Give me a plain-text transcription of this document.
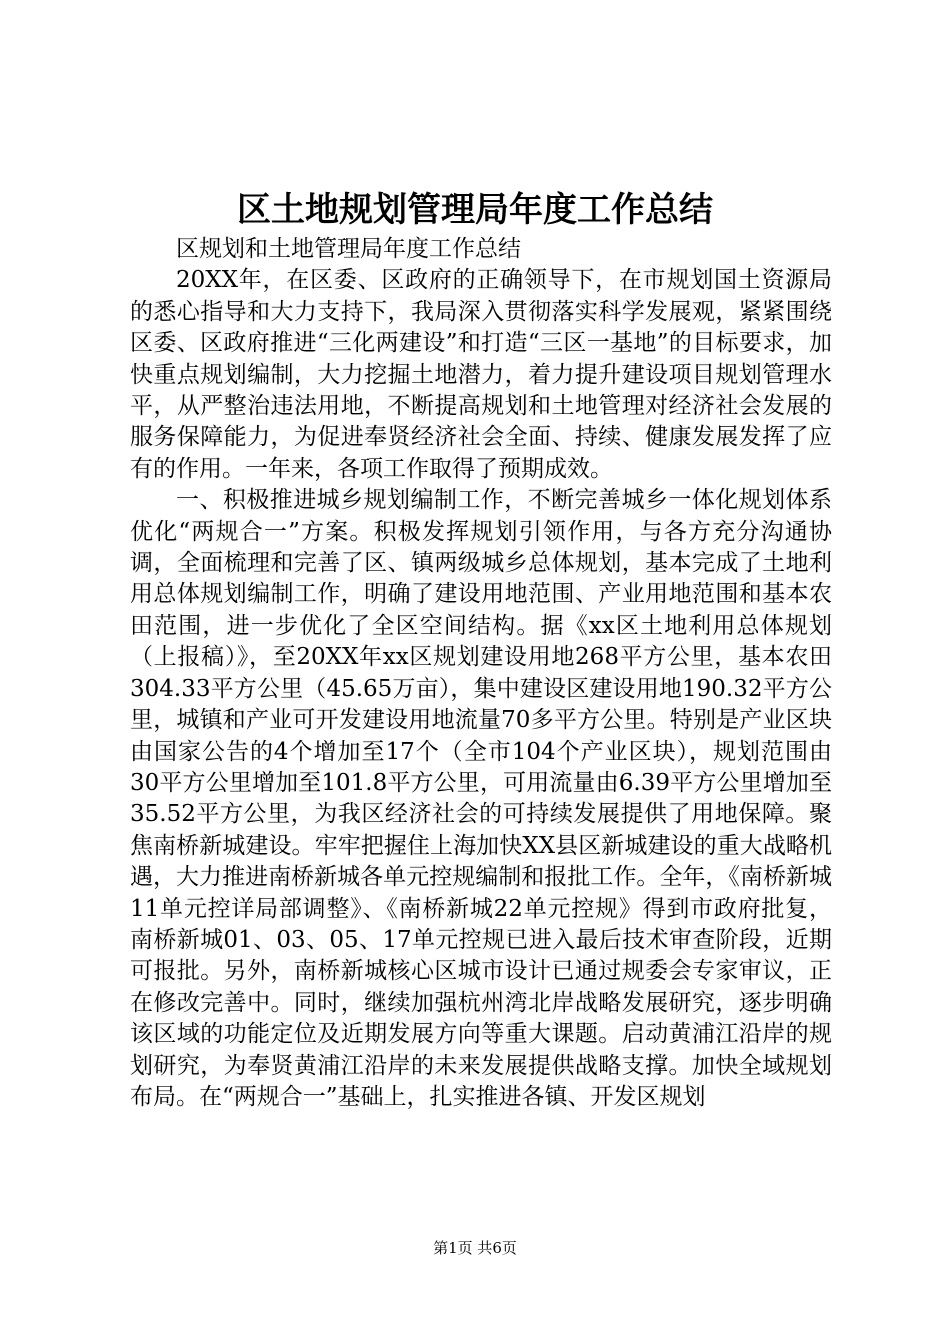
区土地规划管理局年度工作总结

区规划和土地管理局年度工作总结

20XX年，在区委、区政府的正确领导下，在市规划国土资源局的悉心指导和大力支持下，我局深入贯彻落实科学发展观，紧紧围绕区委、区政府推进“三化两建设”和打造“三区一基地”的目标要求，加快重点规划编制，大力挖掘土地潜力，着力提升建设项目规划管理水平，从严整治违法用地，不断提高规划和土地管理对经济社会发展的服务保障能力，为促进奉贤经济社会全面、持续、健康发展发挥了应有的作用。一年来，各项工作取得了预期成效。

一、积极推进城乡规划编制工作，不断完善城乡一体化规划体系优化“两规合一”方案。积极发挥规划引领作用，与各方充分沟通协调，全面梳理和完善了区、镇两级城乡总体规划，基本完成了土地利用总体规划编制工作，明确了建设用地范围、产业用地范围和基本农田范围，进一步优化了全区空间结构。据《xx区土地利用总体规划（上报稿）》，至20XX年xx区规划建设用地268平方公里，基本农田304.33平方公里（45.65万亩），集中建设区建设用地190.32平方公里，城镇和产业可开发建设用地流量70多平方公里。特别是产业区块由国家公告的4个增加至17个（全市104个产业区块），规划范围由30平方公里增加至101.8平方公里，可用流量由6.39平方公里增加至35.52平方公里，为我区经济社会的可持续发展提供了用地保障。聚焦南桥新城建设。牢牢把握住上海加快XX县区新城建设的重大战略机遇，大力推进南桥新城各单元控规编制和报批工作。全年，《南桥新城11单元控详局部调整》、《南桥新城22单元控规》得到市政府批复，南桥新城01、03、05、17单元控规已进入最后技术审查阶段，近期可报批。另外，南桥新城核心区城市设计已通过规委会专家审议，正在修改完善中。同时，继续加强杭州湾北岸战略发展研究，逐步明确该区域的功能定位及近期发展方向等重大课题。启动黄浦江沿岸的规划研究，为奉贤黄浦江沿岸的未来发展提供战略支撑。加快全域规划布局。在“两规合一”基础上，扎实推进各镇、开发区规划

第1页 共6页
